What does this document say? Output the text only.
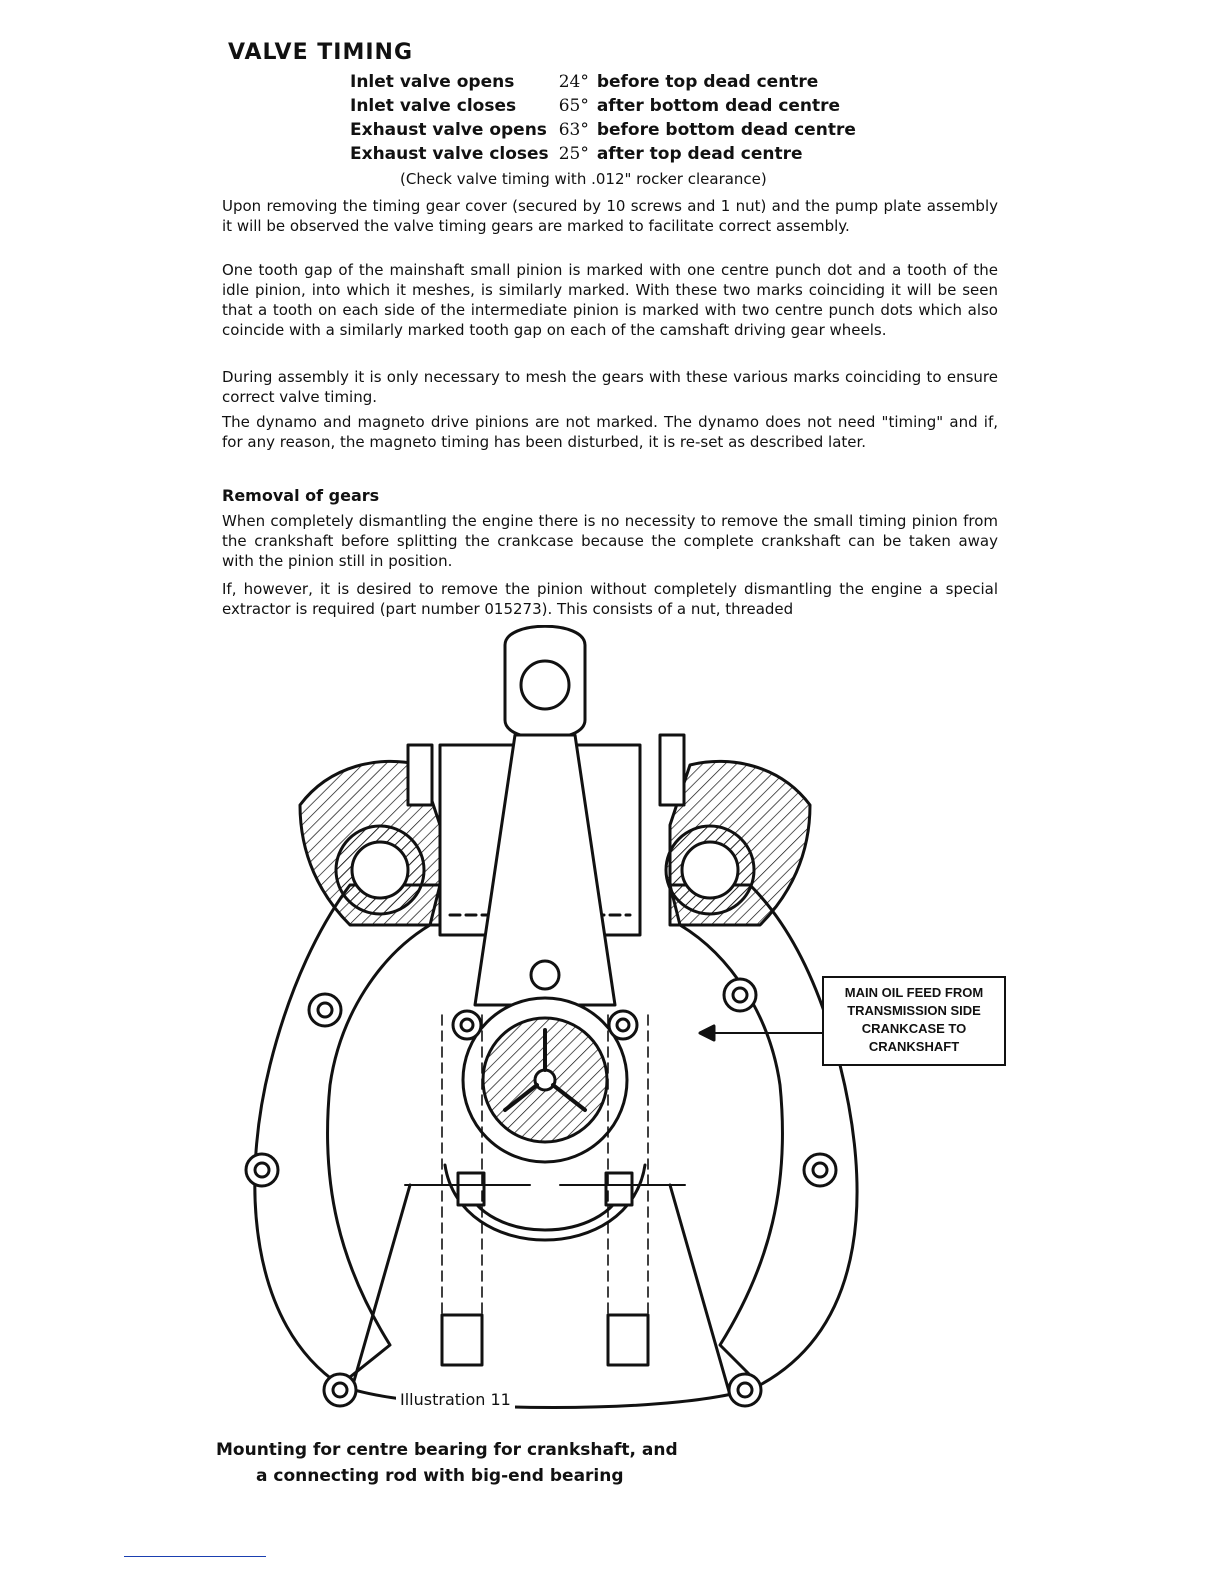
VALVE TIMING
Inlet valve opens	24°	before top dead centre
Inlet valve closes	65°	after bottom dead centre
Exhaust valve opens	63°	before bottom dead centre
Exhaust valve closes	25°	after top dead centre
(Check valve timing with .012" rocker clearance)

Upon removing the timing gear cover (secured by 10 screws and 1 nut) and the pump plate assembly it will be observed the valve timing gears are marked to facilitate correct assembly.

One tooth gap of the mainshaft small pinion is marked with one centre punch dot and a tooth of the idle pinion, into which it meshes, is similarly marked. With these two marks coinciding it will be seen that a tooth on each side of the intermediate pinion is marked with two centre punch dots which also coincide with a similarly marked tooth gap on each of the camshaft driving gear wheels.

During assembly it is only necessary to mesh the gears with these various marks coinciding to ensure correct valve timing.

The dynamo and magneto drive pinions are not marked. The dynamo does not need "timing" and if, for any reason, the magneto timing has been disturbed, it is re-set as described later.

Removal of gears

When completely dismantling the engine there is no necessity to remove the small timing pinion from the crankshaft before splitting the crankcase because the complete crankshaft can be taken away with the pinion still in position.

If, however, it is desired to remove the pinion without completely dismantling the engine a special extractor is required (part number 015273). This consists of a nut, threaded

MAIN OIL FEED FROM
TRANSMISSION SIDE
CRANKCASE TO
CRANKSHAFT
Illustration 11
Mounting for centre bearing for crankshaft, and
a connecting rod with big-end bearing
